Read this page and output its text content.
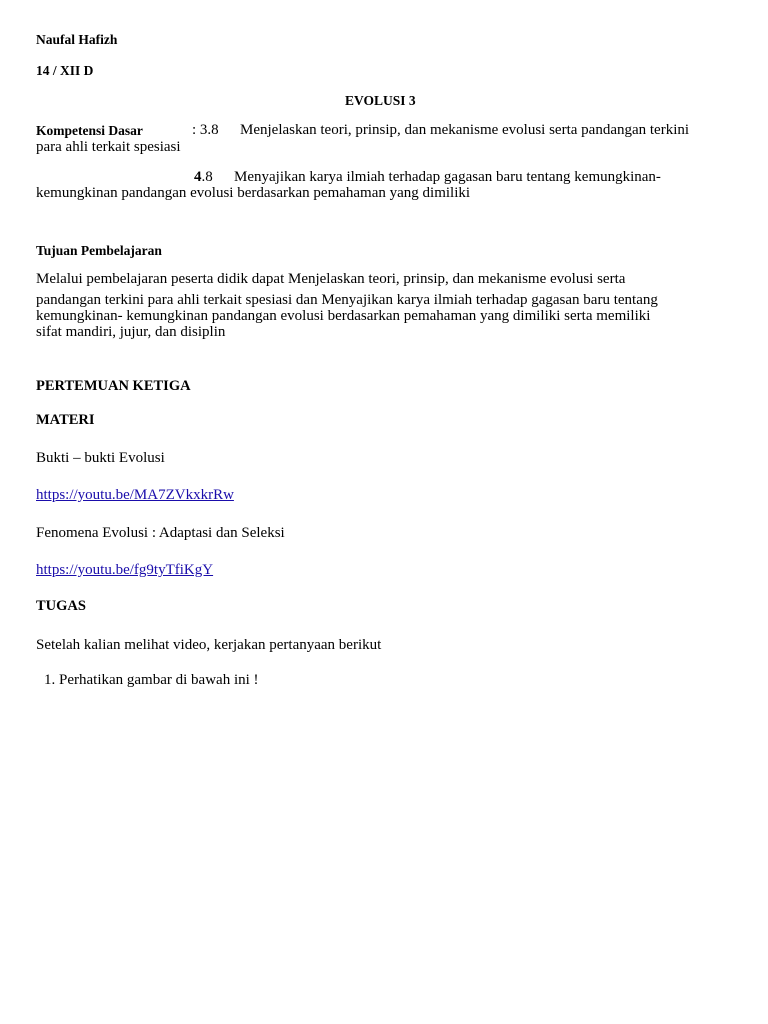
Naufal Hafizh
14 / XII D
EVOLUSI 3
Kompetensi Dasar	: 3.8 Menjelaskan teori, prinsip, dan mekanisme evolusi serta pandangan terkini
para ahli terkait spesiasi
4.8 Menyajikan karya ilmiah terhadap gagasan baru tentang kemungkinan-
kemungkinan pandangan evolusi berdasarkan pemahaman yang dimiliki
Tujuan Pembelajaran
Melalui pembelajaran peserta didik dapat Menjelaskan teori, prinsip, dan mekanisme evolusi serta
pandangan terkini para ahli terkait spesiasi dan Menyajikan karya ilmiah terhadap gagasan baru tentang
kemungkinan- kemungkinan pandangan evolusi berdasarkan pemahaman yang dimiliki serta memiliki
sifat mandiri, jujur, dan disiplin
PERTEMUAN KETIGA
MATERI
Bukti – bukti Evolusi
https://youtu.be/MA7ZVkxkrRw
Fenomena Evolusi : Adaptasi dan Seleksi
https://youtu.be/fg9tyTfiKgY
TUGAS
Setelah kalian melihat video, kerjakan pertanyaan berikut
1. Perhatikan gambar di bawah ini !
